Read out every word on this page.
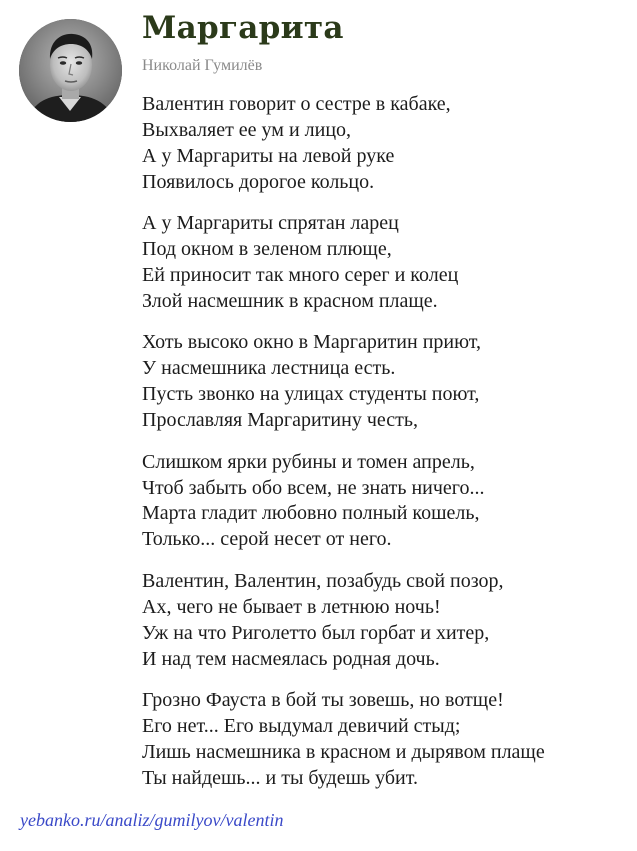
Маргарита
Николай Гумилёв
Валентин говорит о сестре в кабаке,
Выхваляет ее ум и лицо,
А у Маргариты на левой руке
Появилось дорогое кольцо.
А у Маргариты спрятан ларец
Под окном в зеленом плюще,
Ей приносит так много серег и колец
Злой насмешник в красном плаще.
Хоть высоко окно в Маргаритин приют,
У насмешника лестница есть.
Пусть звонко на улицах студенты поют,
Прославляя Маргаритину честь,
Слишком ярки рубины и томен апрель,
Чтоб забыть обо всем, не знать ничего...
Марта гладит любовно полный кошель,
Только... серой несет от него.
Валентин, Валентин, позабудь свой позор,
Ах, чего не бывает в летнюю ночь!
Уж на что Риголетто был горбат и хитер,
И над тем насмеялась родная дочь.
Грозно Фауста в бой ты зовешь, но вотще!
Его нет... Его выдумал девичий стыд;
Лишь насмешника в красном и дырявом плаще
Ты найдешь... и ты будешь убит.
yebanko.ru/analiz/gumilyov/valentin
